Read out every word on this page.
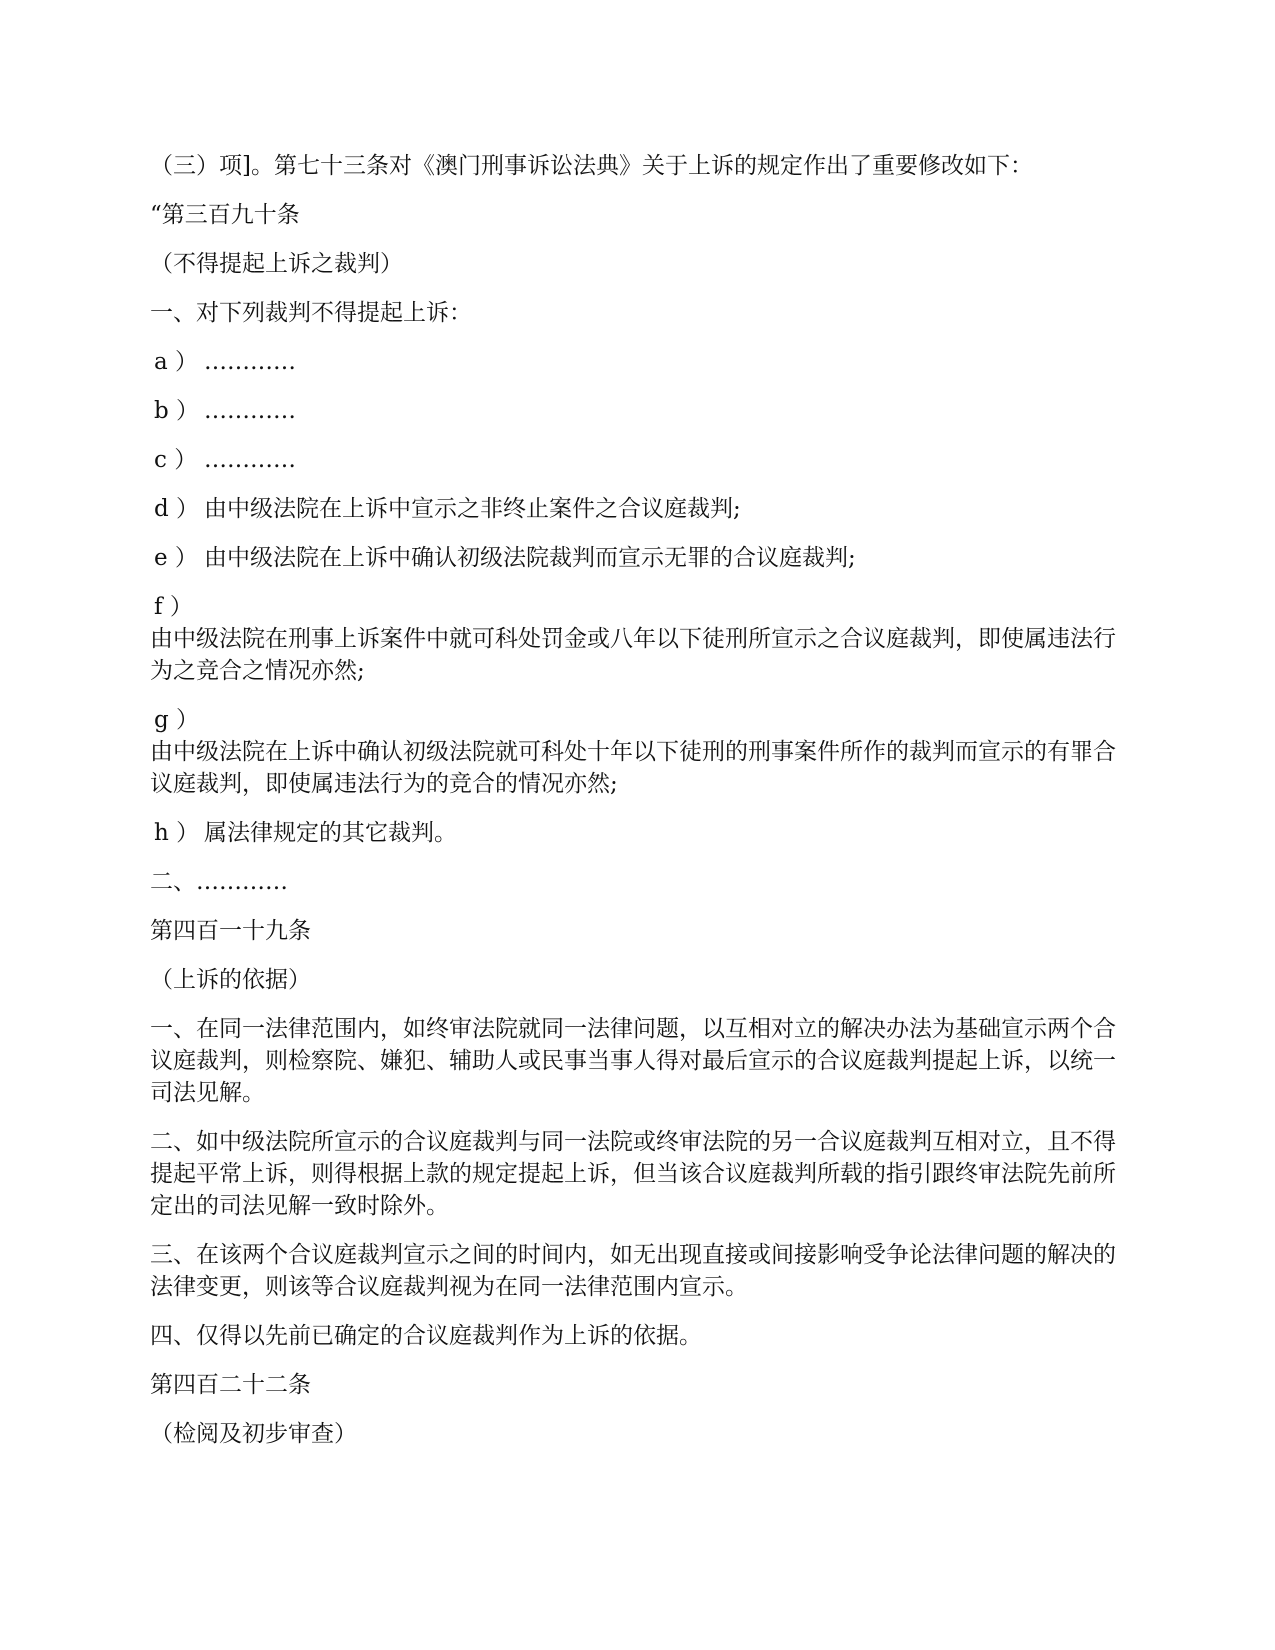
（三）项]。第七十三条对《澳门刑事诉讼法典》关于上诉的规定作出了重要修改如下：

“第三百九十条

（不得提起上诉之裁判）

一、对下列裁判不得提起上诉：

a ） …………
b ） …………
c ） …………
d ） 由中级法院在上诉中宣示之非终止案件之合议庭裁判;
e ） 由中级法院在上诉中确认初级法院裁判而宣示无罪的合议庭裁判;
f ）
由中级法院在刑事上诉案件中就可科处罚金或八年以下徒刑所宣示之合议庭裁判，即使属违法行为之竞合之情况亦然;
g ）
由中级法院在上诉中确认初级法院就可科处十年以下徒刑的刑事案件所作的裁判而宣示的有罪合议庭裁判，即使属违法行为的竞合的情况亦然;
h ） 属法律规定的其它裁判。

二、…………

第四百一十九条

（上诉的依据）

一、在同一法律范围内，如终审法院就同一法律问题，以互相对立的解决办法为基础宣示两个合议庭裁判，则检察院、嫌犯、辅助人或民事当事人得对最后宣示的合议庭裁判提起上诉，以统一司法见解。

二、如中级法院所宣示的合议庭裁判与同一法院或终审法院的另一合议庭裁判互相对立，且不得提起平常上诉，则得根据上款的规定提起上诉，但当该合议庭裁判所载的指引跟终审法院先前所定出的司法见解一致时除外。

三、在该两个合议庭裁判宣示之间的时间内，如无出现直接或间接影响受争论法律问题的解决的法律变更，则该等合议庭裁判视为在同一法律范围内宣示。

四、仅得以先前已确定的合议庭裁判作为上诉的依据。

第四百二十二条

（检阅及初步审查）
